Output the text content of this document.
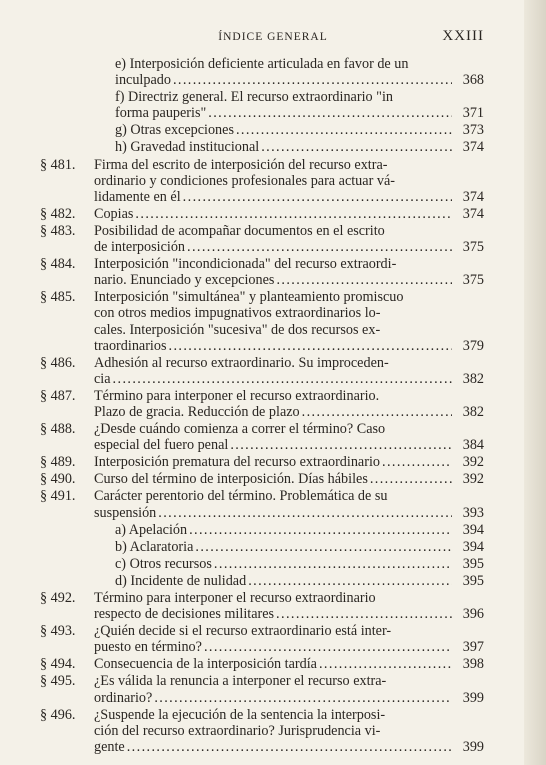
ÍNDICE GENERAL	XXIII
e) Interposición deficiente articulada en favor de un
inculpado .....	368
f) Directriz general. El recurso extraordinario "in
forma pauperis" .....	371
g) Otras excepciones .....	373
h) Gravedad institucional .....	374
§ 481.	Firma del escrito de interposición del recurso extra-
ordinario y condiciones profesionales para actuar vá-
lidamente en él .....	374
§ 482.	Copias .....	374
§ 483.	Posibilidad de acompañar documentos en el escrito
de interposición .....	375
§ 484.	Interposición "incondicionada" del recurso extraordi-
nario. Enunciado y excepciones .....	375
§ 485.	Interposición "simultánea" y planteamiento promiscuo
con otros medios impugnativos extraordinarios lo-
cales. Interposición "sucesiva" de dos recursos ex-
traordinarios .....	379
§ 486.	Adhesión al recurso extraordinario. Su improceden-
cia .....	382
§ 487.	Término para interponer el recurso extraordinario.
Plazo de gracia. Reducción de plazo .....	382
§ 488.	¿Desde cuándo comienza a correr el término? Caso
especial del fuero penal .....	384
§ 489.	Interposición prematura del recurso extraordinario .....	392
§ 490.	Curso del término de interposición. Días hábiles .....	392
§ 491.	Carácter perentorio del término. Problemática de su
suspensión .....	393
a) Apelación .....	394
b) Aclaratoria .....	394
c) Otros recursos .....	395
d) Incidente de nulidad .....	395
§ 492.	Término para interponer el recurso extraordinario
respecto de decisiones militares .....	396
§ 493.	¿Quién decide si el recurso extraordinario está inter-
puesto en término? .....	397
§ 494.	Consecuencia de la interposición tardía .....	398
§ 495.	¿Es válida la renuncia a interponer el recurso extra-
ordinario? .....	399
§ 496.	¿Suspende la ejecución de la sentencia la interposi-
ción del recurso extraordinario? Jurisprudencia vi-
gente .....	399
